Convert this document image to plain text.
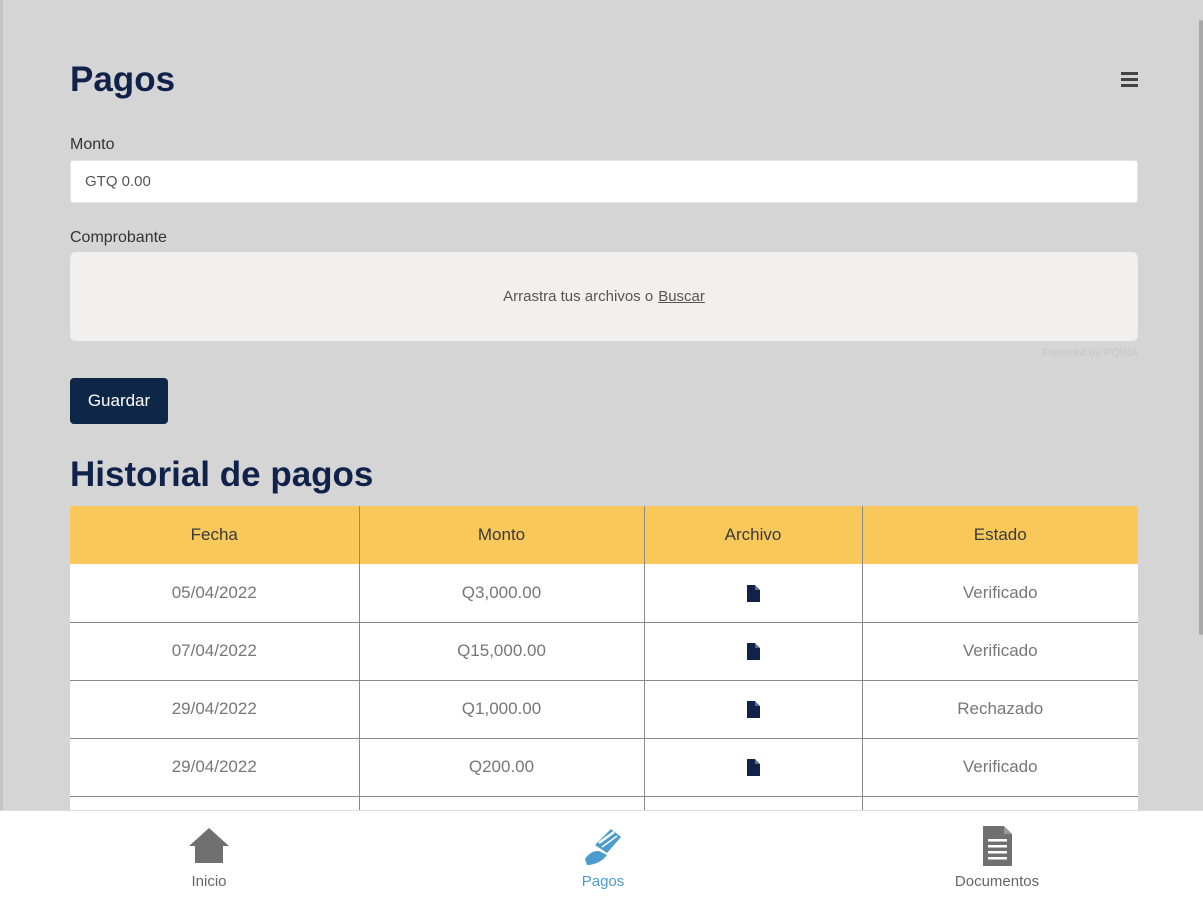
Pagos
Monto
GTQ 0.00
Comprobante
Arrastra tus archivos o Buscar
Powered by PQINA
Guardar
Historial de pagos
Fecha	Monto	Archivo	Estado
05/04/2022	Q3,000.00		Verificado
07/04/2022	Q15,000.00		Verificado
29/04/2022	Q1,000.00		Rechazado
29/04/2022	Q200.00		Verificado

Inicio	Pagos	Documentos
